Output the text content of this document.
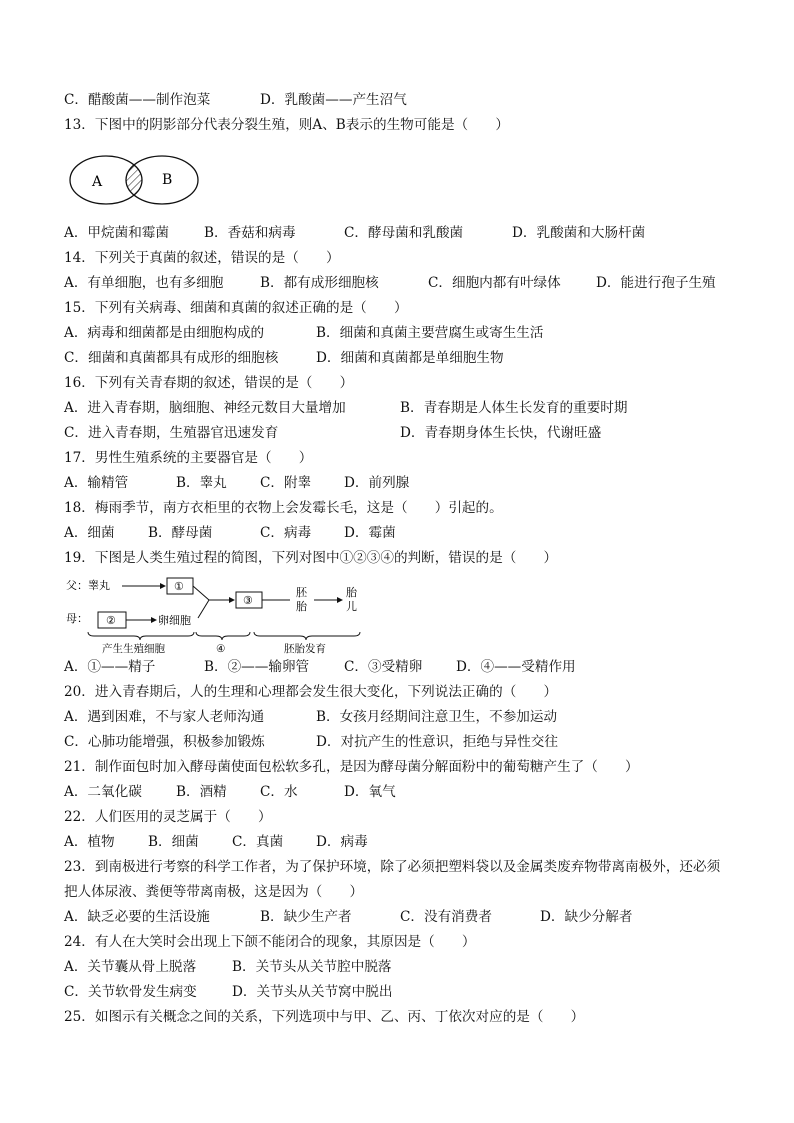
C．醋酸菌——制作泡菜	D．乳酸菌——产生沼气
13．下图中的阴影部分代表分裂生殖，则A、B表示的生物可能是（　　）
A	B
A．甲烷菌和霉菌	B．香菇和病毒	C．酵母菌和乳酸菌	D．乳酸菌和大肠杆菌
14．下列关于真菌的叙述，错误的是（　　）
A．有单细胞，也有多细胞	B．都有成形细胞核	C．细胞内都有叶绿体	D．能进行孢子生殖
15．下列有关病毒、细菌和真菌的叙述正确的是（　　）
A．病毒和细菌都是由细胞构成的	B．细菌和真菌主要营腐生或寄生生活
C．细菌和真菌都具有成形的细胞核	D．细菌和真菌都是单细胞生物
16．下列有关青春期的叙述，错误的是（　　）
A．进入青春期，脑细胞、神经元数目大量增加	B．青春期是人体生长发育的重要时期
C．进入青春期，生殖器官迅速发育	D．青春期身体生长快，代谢旺盛
17．男性生殖系统的主要器官是（　　）
A．输精管	B．睾丸 C．附睾 D．前列腺
18．梅雨季节，南方衣柜里的衣物上会发霉长毛，这是（　　）引起的。
A．细菌 B．酵母菌	C．病毒 D．霉菌
19．下图是人类生殖过程的简图，下列对图中①②③④的判断，错误的是（　　）
父：睾丸	①
母： ②	卵细胞
③
胚
胎
胎
儿
产生生殖细胞	④	胚胎发育
A．①——精子	B．②——输卵管	C．③受精卵 D．④——受精作用
20．进入青春期后，人的生理和心理都会发生很大变化，下列说法正确的（　　）
A．遇到困难，不与家人老师沟通	B．女孩月经期间注意卫生，不参加运动
C．心肺功能增强，积极参加锻炼	D．对抗产生的性意识，拒绝与异性交往
21．制作面包时加入酵母菌使面包松软多孔，是因为酵母菌分解面粉中的葡萄糖产生了（　　）
A．二氧化碳	B．酒精 C．水	D．氧气
22．人们医用的灵芝属于（　　）
A．植物 B．细菌 C．真菌 D．病毒
23．到南极进行考察的科学工作者，为了保护环境，除了必须把塑料袋以及金属类废弃物带离南极外，还必须
把人体尿液、粪便等带离南极，这是因为（　　）
A．缺乏必要的生活设施	B．缺少生产者	C．没有消费者	D．缺少分解者
24．有人在大笑时会出现上下颌不能闭合的现象，其原因是（　　）
A．关节囊从骨上脱落	B．关节头从关节腔中脱落
C．关节软骨发生病变	D．关节头从关节窝中脱出
25．如图示有关概念之间的关系，下列选项中与甲、乙、丙、丁依次对应的是（　　）
